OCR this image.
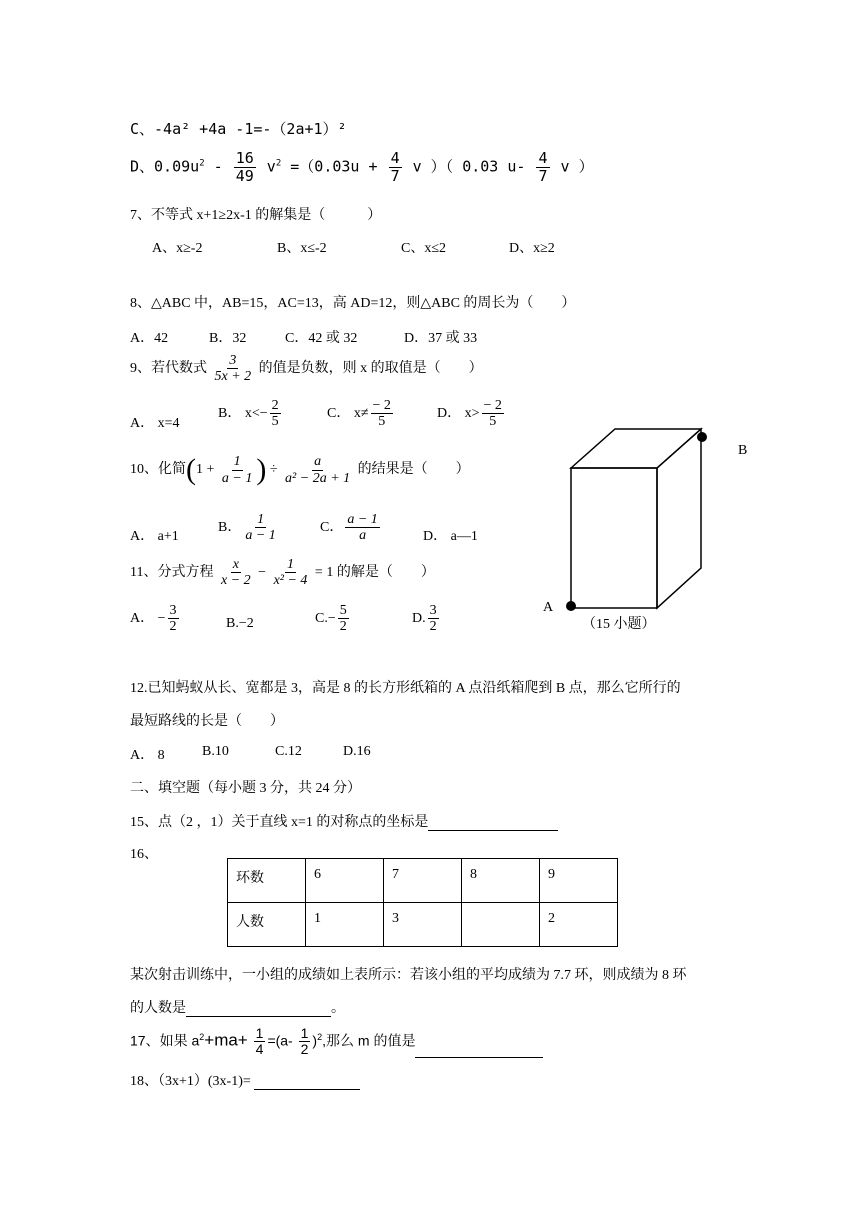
C、-4a² +4a -1=-（2a+1）²
D、$0.09u^2 - \frac{16}{49} v^2 =(0.03u + \frac{4}{7}$ v ）（ 0.03 $u- \frac{4}{7}$ v ）
7、不等式 x+1≥2x-1 的解集是（　　　）
A、x≥-2	B、x≤-2	C、x≤2	D、x≥2
8、△ABC 中，AB=15，AC=13，高 AD=12，则△ABC 的周长为（　　）
A．42	B．32	C．42 或 32	D．37 或 33
9、若代数式 $\frac{3}{5x + 2}$ 的值是负数，则 x 的取值是（　　）
A． x=4
B． $x<- \frac{2}{5}$	C． $x\ne \frac{- 2}{5}$	D． $x> \frac{- 2}{5}$
10、化简($1 + \frac{1}{a - 1}$ ) ÷ $\frac{a}{\text{a² − 2a + 1}}$ 的结果是（　　）
A． a+1
B． $\frac{1}{a - 1}$	C． $\frac{a - 1}{a}$	D． a—1
11、分式方程 $\frac{x}{x - 2} - \frac{1}{\text{x² − 4}} = 1$ 的解是（　　）
A． − $\frac{3}{2}$	B.−2	$C.- \frac{5}{2}$	D. $\frac{3}{2}$	A
B
（15 小题）
12.已知蚂蚁从长、宽都是 3，高是 8 的长方形纸箱的 A 点沿纸箱爬到 B 点，那么它所行的
最短路线的长是（　　）
A． 8	B.10	C.12	D.16
二、填空题（每小题 3 分，共 24 分）
15、点（2 ，1）关于直线 x=1 的对称点的坐标是
16、
环数	6	7	8	9
人数	1	3		2
某次射击训练中，一小组的成绩如上表所示：若该小组的平均成绩为 7.7 环，则成绩为 8 环
的人数是	。
17、如果 $a^2+ma+ \frac{1}{4} =(a- \frac{1}{2} )^2$,那么 m 的值是
18、（3x+1）(3x-1)=
